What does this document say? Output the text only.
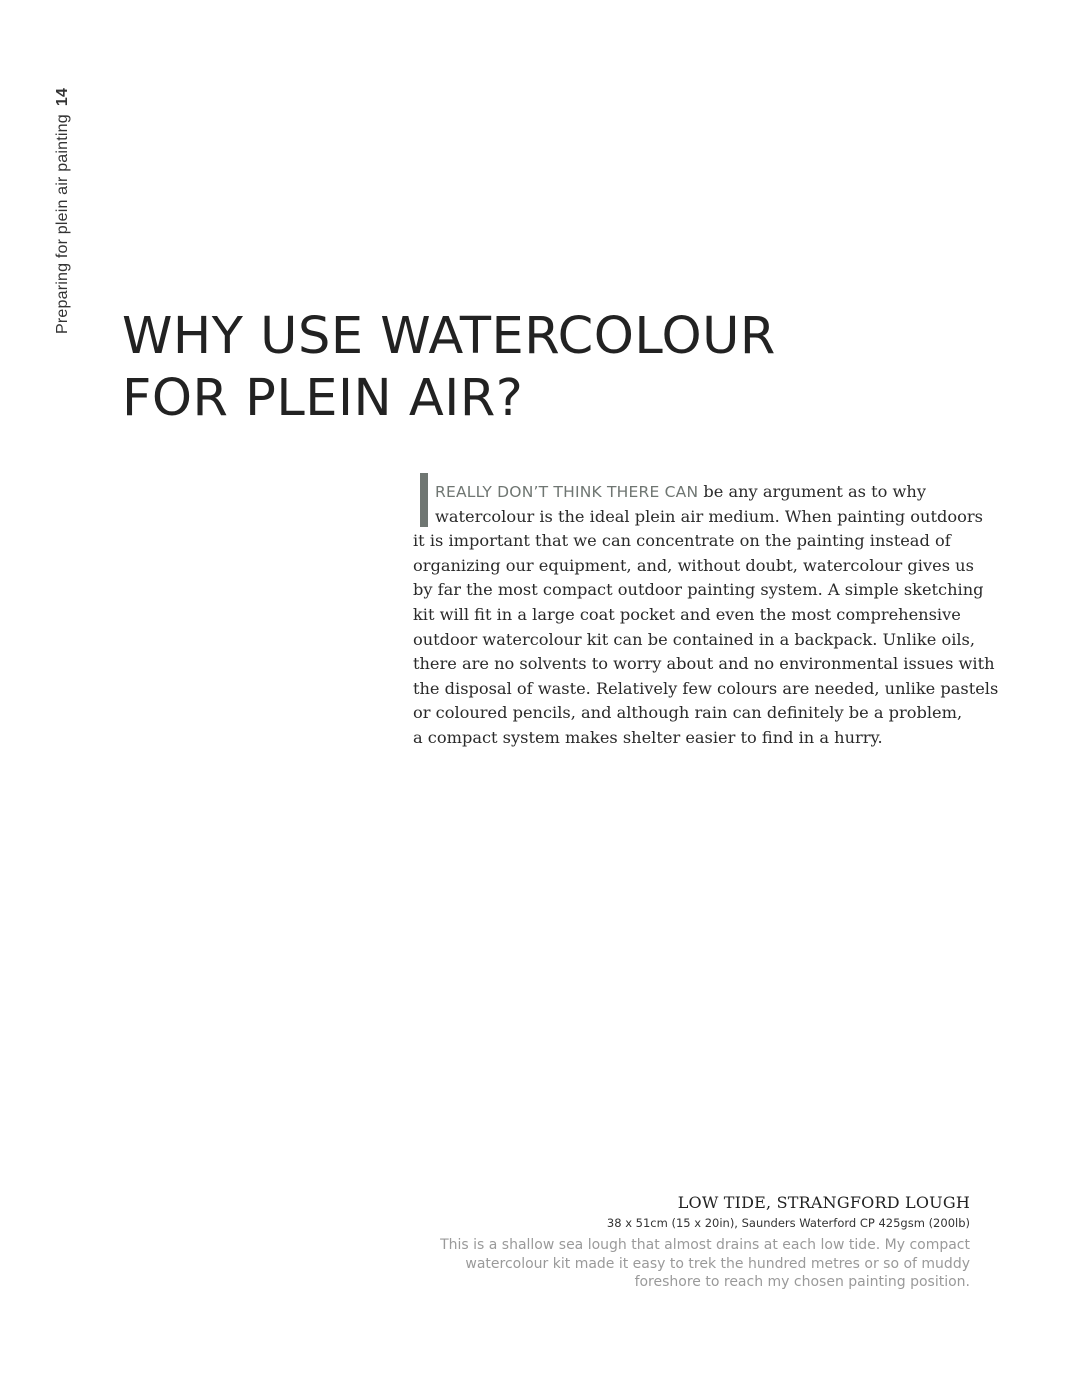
Preparing for plein air painting14
WHY USE WATERCOLOUR
FOR PLEIN AIR?
REALLY DON’T THINK THERE CAN be any argument as to why
watercolour is the ideal plein air medium. When painting outdoors
it is important that we can concentrate on the painting instead of
organizing our equipment, and, without doubt, watercolour gives us
by far the most compact outdoor painting system. A simple sketching
kit will fit in a large coat pocket and even the most comprehensive
outdoor watercolour kit can be contained in a backpack. Unlike oils,
there are no solvents to worry about and no environmental issues with
the disposal of waste. Relatively few colours are needed, unlike pastels
or coloured pencils, and although rain can definitely be a problem,
a compact system makes shelter easier to find in a hurry.
LOW TIDE, STRANGFORD LOUGH
38 x 51cm (15 x 20in), Saunders Waterford CP 425gsm (200lb)
This is a shallow sea lough that almost drains at each low tide. My compact
watercolour kit made it easy to trek the hundred metres or so of muddy
foreshore to reach my chosen painting position.
